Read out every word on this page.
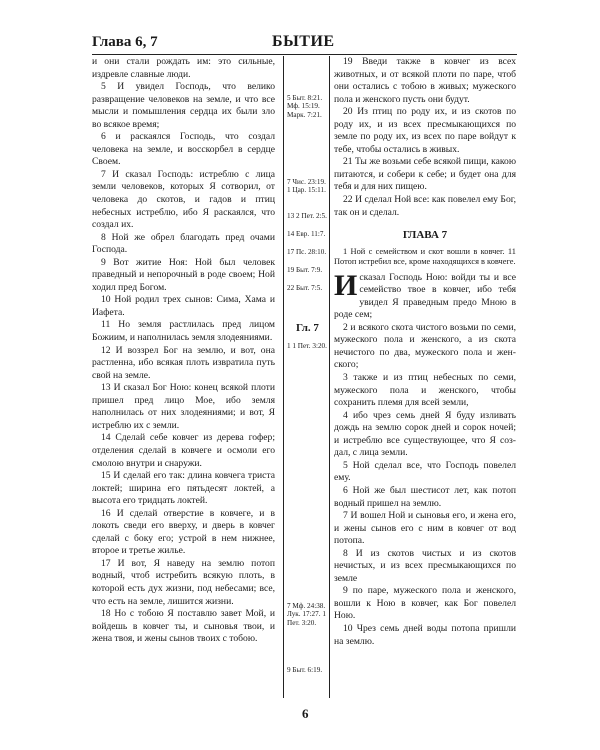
Глава 6, 7	БЫТИЕ

и они стали рождать им: это сильные, издревле славные люди.

5 И увидел Господь, что велико развращение человеков на земле, и что все мысли и помышления сердца их были зло во всякое время;

6 и раскаялся Господь, что создал человека на земле, и восскорбел в сердце Своем.

7 И сказал Господь: истреблю с лица земли человеков, которых Я сотворил, от человека до скотов, и гадов и птиц небесных истреблю, ибо Я раскаялся, что создал их.

8 Ной же обрел благодать пред очами Господа.

9 Вот житие Ноя: Ной был человек праведный и непорочный в роде своем; Ной ходил пред Богом.

10 Ной родил трех сынов: Сима, Хама и Иафета.

11 Но земля растлилась пред лицом Божиим, и наполнилась земля злодеяниями.

12 И воззрел Бог на землю, и вот, она растленна, ибо всякая плоть извратила путь свой на земле.

13 И сказал Бог Ною: конец всякой плоти пришел пред лицо Мое, ибо земля наполнилась от них злодеяниями; и вот, Я истреблю их с земли.

14 Сделай себе ковчег из дерева гофер; отделения сделай в ковчеге и осмоли его смолою внутри и снаружи.

15 И сделай его так: длина ковчега триста локтей; ширина его пятьдесят локтей, а высота его тридцать локтей.

16 И сделай отверстие в ковчеге, и в локоть сведи его вверху, и дверь в ковчег сделай с боку его; устрой в нем нижнее, второе и третье жилье.

17 И вот, Я наведу на землю потоп водный, чтоб истребить всякую плоть, в которой есть дух жизни, под небесами; все, что есть на земле, лишится жизни.

18 Но с тобою Я поставлю завет Мой, и войдешь в ковчег ты, и сыновья твои, и жена твоя, и жены сынов твоих с тобою.

5 Быт. 8:21. Мф. 15:19. Марк. 7:21.
7 Чис. 23:19. 1 Цар. 15:11.
13 2 Пет. 2:5.
14 Евр. 11:7.
17 Пс. 28:10.
19 Быт. 7:9.
22 Быт. 7:5.
1 1 Пет. 3:20.
7 Мф. 24:38. Лук. 17:27. 1 Пет. 3:20.
9 Быт. 6:19.
Гл. 7

19 Введи также в ковчег из всех животных, и от всякой плоти по паре, чтоб они остались с тобою в живых; мужеского пола и женского пусть они будут.

20 Из птиц по роду их, и из скотов по роду их, и из всех пресмыкающихся по земле по роду их, из всех по паре войдут к тебе, чтобы остались в живых.

21 Ты же возьми себе всякой пищи, какою питаются, и собери к себе; и будет она для тебя и для них пищею.

22 И сделал Ной все: как повелел ему Бог, так он и сделал.

ГЛАВА 7

1 Ной с семейством и скот вошли в ковчег. 11 Потоп истребил все, кроме находящихся в ковчеге.

Исказал Господь Ною: войди ты и все семейство твое в ковчег, ибо тебя увидел Я праведным предо Мною в роде сем;

2 и всякого скота чистого возьми по семи, мужеского пола и женского, а из скота нечистого по два, мужеского пола и женского;

3 также и из птиц небесных по семи, мужеского пола и женского, чтобы сохранить племя для всей земли,

4 ибо чрез семь дней Я буду изливать дождь на землю сорок дней и сорок ночей; и истреблю все существующее, что Я создал, с лица земли.

5 Ной сделал все, что Господь повелел ему.

6 Ной же был шестисот лет, как потоп водный пришел на землю.

7 И вошел Ной и сыновья его, и жена его, и жены сынов его с ним в ковчег от вод потопа.

8 И из скотов чистых и из скотов нечистых, и из всех пресмыкающихся по земле

9 по паре, мужеского пола и женского, вошли к Ною в ковчег, как Бог повелел Ною.

10 Чрез семь дней воды потопа пришли на землю.

6
